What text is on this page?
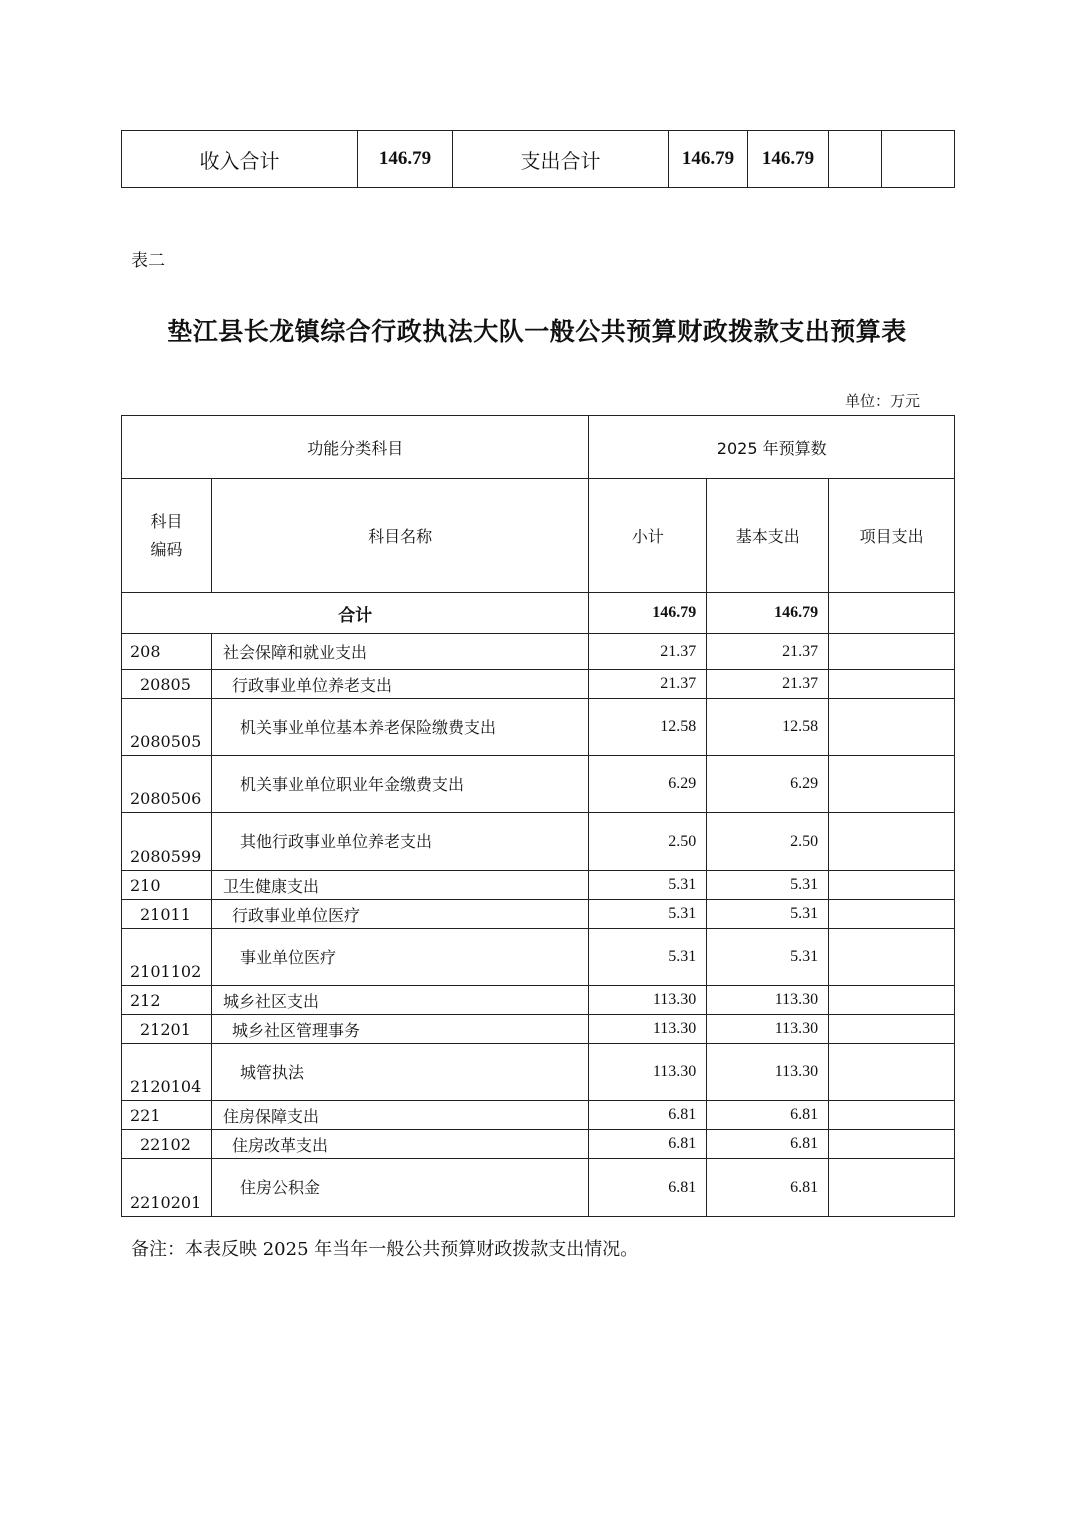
收入合计	146.79	支出合计	146.79	146.79		
表二
垫江县长龙镇综合行政执法大队一般公共预算财政拨款支出预算表
单位：万元
功能分类科目		2025 年预算数		

科目
编码	科目名称	小计	基本支出	项目支出
合计		146.79	146.79	
208	社会保障和就业支出	21.37	21.37	
20805	行政事业单位养老支出	21.37	21.37	
2080505	机关事业单位基本养老保险缴费支出	12.58	12.58	
2080506	机关事业单位职业年金缴费支出	6.29	6.29	
2080599	其他行政事业单位养老支出	2.50	2.50	
210	卫生健康支出	5.31	5.31	
21011	行政事业单位医疗	5.31	5.31	
2101102	事业单位医疗	5.31	5.31	
212	城乡社区支出	113.30	113.30	
21201	城乡社区管理事务	113.30	113.30	
2120104	城管执法	113.30	113.30	
221	住房保障支出	6.81	6.81	
22102	住房改革支出	6.81	6.81	
2210201	住房公积金	6.81	6.81	
备注：本表反映 2025 年当年一般公共预算财政拨款支出情况。
